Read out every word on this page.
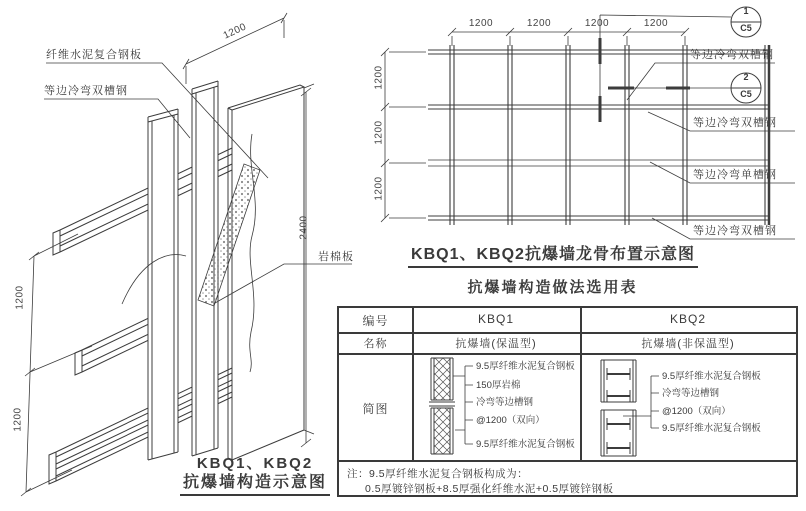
纤维水泥复合钢板
等边冷弯双槽钢
岩棉板
1200
2400
1200
1200
KBQ1、KBQ2
抗爆墙构造示意图
1200	1200	1200	1200
1200
1200
1200
1
C5
2
C5
等边冷弯双槽钢
等边冷弯双槽钢
等边冷弯单槽钢
等边冷弯双槽钢
KBQ1、KBQ2抗爆墙龙骨布置示意图
抗爆墙构造做法选用表
编号	KBQ1	KBQ2
名称	抗爆墙(保温型)	抗爆墙(非保温型)
简图
9.5厚纤维水泥复合钢板
150厚岩棉
冷弯等边槽钢
@1200（双向）
9.5厚纤维水泥复合钢板
9.5厚纤维水泥复合钢板
冷弯等边槽钢
@1200（双向）
9.5厚纤维水泥复合钢板
注：9.5厚纤维水泥复合钢板构成为：
0.5厚镀锌钢板+8.5厚强化纤维水泥+0.5厚镀锌钢板
